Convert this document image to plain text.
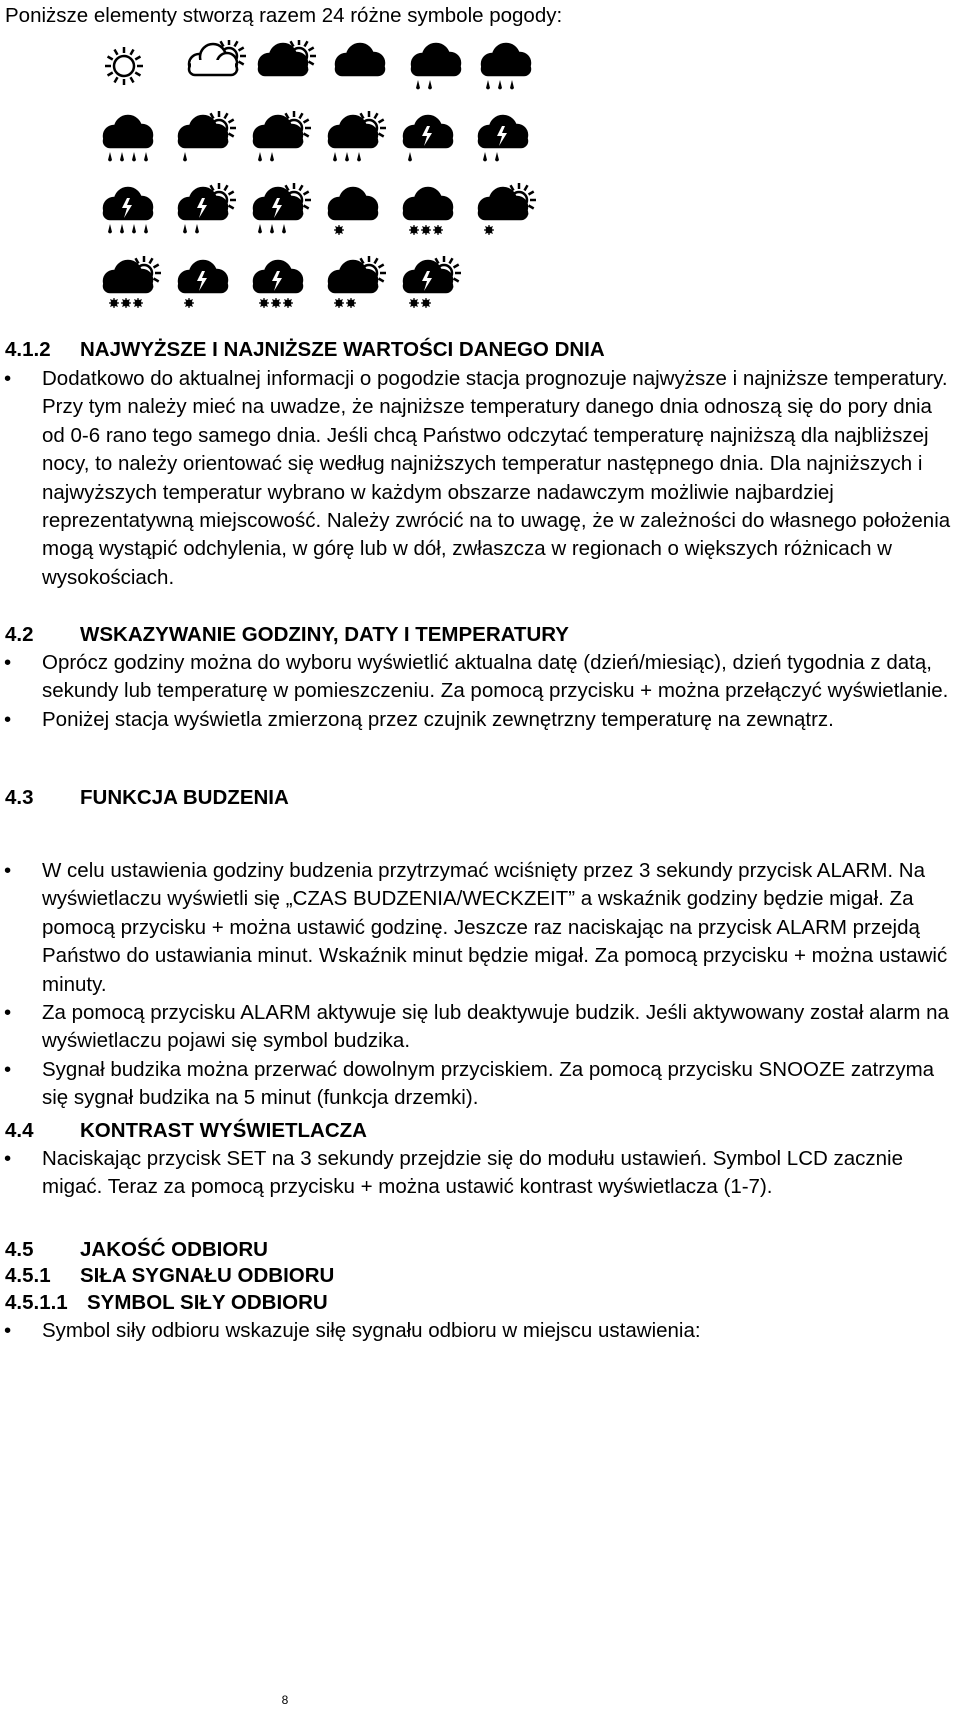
Poniższe elementy stworzą razem 24 różne symbole pogody:

4.1.2 NAJWYŻSZE I NAJNIŻSZE WARTOŚCI DANEGO DNIA
• Dodatkowo do aktualnej informacji o pogodzie stacja prognozuje najwyższe i najniższe temperatury. Przy tym należy mieć na uwadze, że najniższe temperatury danego dnia odnoszą się do pory dnia od 0-6 rano tego samego dnia. Jeśli chcą Państwo odczytać temperaturę najniższą dla najbliższej nocy, to należy orientować się według najniższych temperatur następnego dnia. Dla najniższych i najwyższych temperatur wybrano w każdym obszarze nadawczym możliwie najbardziej reprezentatywną miejscowość. Należy zwrócić na to uwagę, że w zależności do własnego położenia mogą wystąpić odchylenia, w górę lub w dół, zwłaszcza w regionach o większych różnicach w wysokościach.
4.2 WSKAZYWANIE GODZINY, DATY I TEMPERATURY
• Oprócz godziny można do wyboru wyświetlić aktualna datę (dzień/miesiąc), dzień tygodnia z datą, sekundy lub temperaturę w pomieszczeniu. Za pomocą przycisku + można przełączyć wyświetlanie.
• Poniżej stacja wyświetla zmierzoną przez czujnik zewnętrzny temperaturę na zewnątrz.
4.3 FUNKCJA BUDZENIA
• W celu ustawienia godziny budzenia przytrzymać wciśnięty przez 3 sekundy przycisk ALARM. Na wyświetlaczu wyświetli się „CZAS BUDZENIA/WECKZEIT” a wskaźnik godziny będzie migał. Za pomocą przycisku + można ustawić godzinę. Jeszcze raz naciskając na przycisk ALARM przejdą Państwo do ustawiania minut. Wskaźnik minut będzie migał. Za pomocą przycisku + można ustawić minuty.
• Za pomocą przycisku ALARM aktywuje się lub deaktywuje budzik. Jeśli aktywowany został alarm na wyświetlaczu pojawi się symbol budzika.
• Sygnał budzika można przerwać dowolnym przyciskiem. Za pomocą przycisku SNOOZE zatrzyma się sygnał budzika na 5 minut (funkcja drzemki).
4.4 KONTRAST WYŚWIETLACZA
• Naciskając przycisk SET na 3 sekundy przejdzie się do modułu ustawień. Symbol LCD zacznie migać. Teraz za pomocą przycisku + można ustawić kontrast wyświetlacza (1-7).
4.5 JAKOŚĆ ODBIORU
4.5.1 SIŁA SYGNAŁU ODBIORU
4.5.1.1 SYMBOL SIŁY ODBIORU
• Symbol siły odbioru wskazuje siłę sygnału odbioru w miejscu ustawienia:
8
